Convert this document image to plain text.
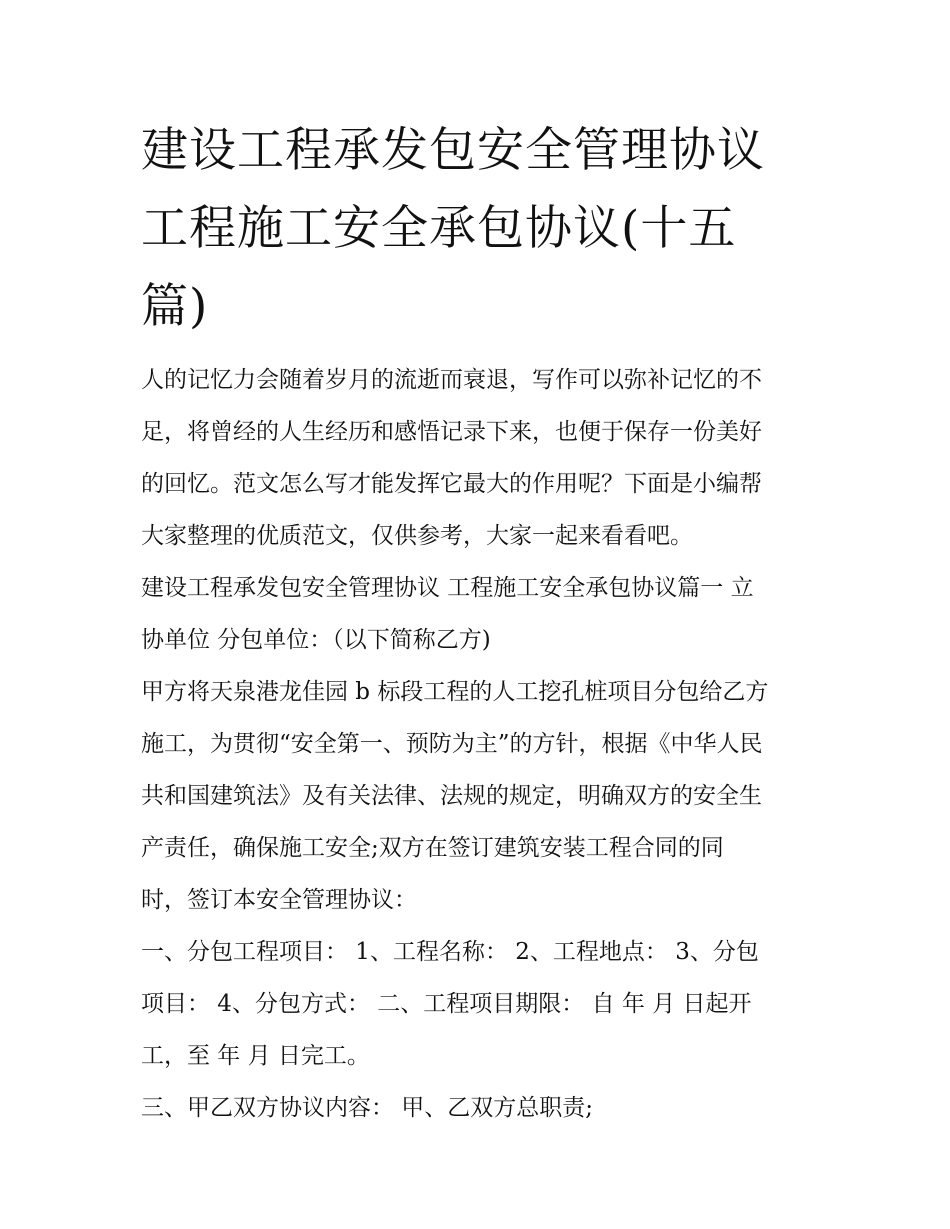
建设工程承发包安全管理协议
工程施工安全承包协议(十五
篇)
人的记忆力会随着岁月的流逝而衰退，写作可以弥补记忆的不
足，将曾经的人生经历和感悟记录下来，也便于保存一份美好
的回忆。范文怎么写才能发挥它最大的作用呢？下面是小编帮
大家整理的优质范文，仅供参考，大家一起来看看吧。
建设工程承发包安全管理协议 工程施工安全承包协议篇一 立
协单位 分包单位：（以下简称乙方)
甲方将天泉港龙佳园 b 标段工程的人工挖孔桩项目分包给乙方
施工，为贯彻“安全第一、预防为主”的方针，根据《中华人民
共和国建筑法》及有关法律、法规的规定，明确双方的安全生
产责任，确保施工安全;双方在签订建筑安装工程合同的同
时，签订本安全管理协议：
一、分包工程项目： 1、工程名称： 2、工程地点： 3、分包
项目： 4、分包方式： 二、工程项目期限： 自 年 月 日起开
工，至 年 月 日完工。
三、甲乙双方协议内容： 甲、乙双方总职责;
